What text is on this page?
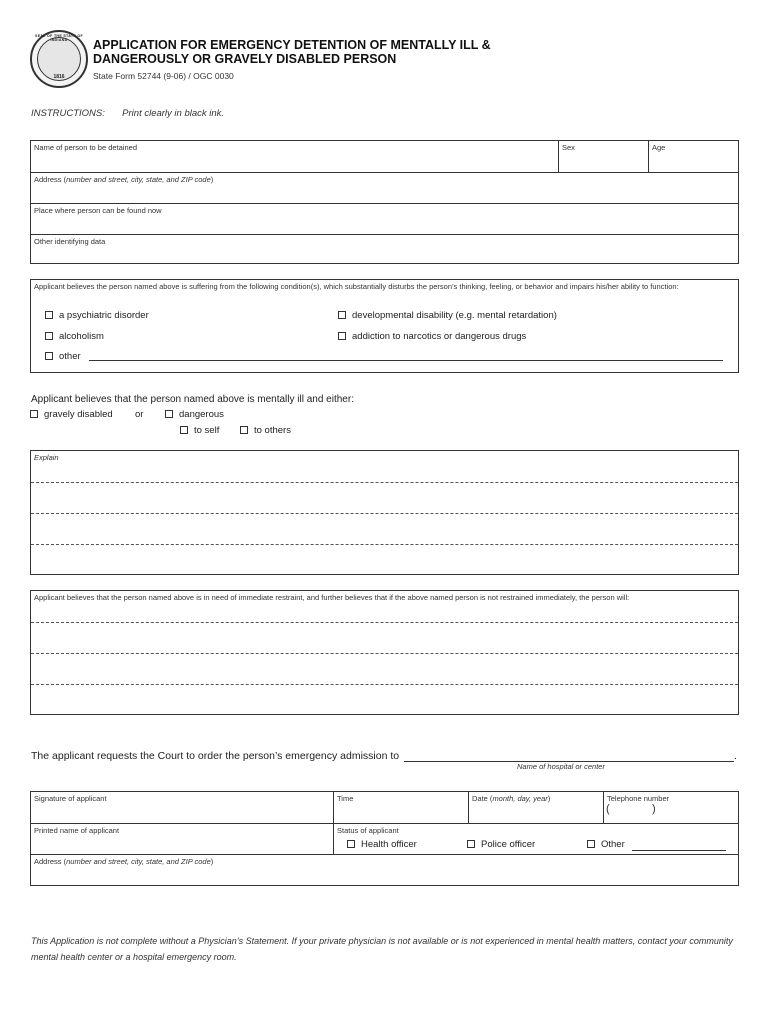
SEAL OF THE STATE OF INDIANA
1816
APPLICATION FOR EMERGENCY DETENTION OF MENTALLY ILL &
DANGEROUSLY OR GRAVELY DISABLED PERSON
State Form 52744 (9-06) / OGC 0030
INSTRUCTIONS: Print clearly in black ink.
Name of person to be detained	Sex	Age
Address (number and street, city, state, and ZIP code)
Place where person can be found now
Other identifying data
Applicant believes the person named above is suffering from the following condition(s), which substantially disturbs the person’s thinking, feeling, or behavior and impairs his/her ability to function:
a psychiatric disorder	developmental disability (e.g. mental retardation)
alcoholism	addiction to narcotics or dangerous drugs
other
Applicant believes that the person named above is mentally ill and either:
gravely disabled or	dangerous
to self	to others
Explain
Applicant believes that the person named above is in need of immediate restraint, and further believes that if the above named person is not restrained immediately, the person will:
The applicant requests the Court to order the person’s emergency admission to	.
Name of hospital or center
Signature of applicant	Time	Date (month, day, year)	Telephone number
(	)
Printed name of applicant	Status of applicant
Health officer	Police officer	Other
Address (number and street, city, state, and ZIP code)
This Application is not complete without a Physician’s Statement. If your private physician is not available or is not experienced in mental health matters, contact your community mental health center or a hospital emergency room.
